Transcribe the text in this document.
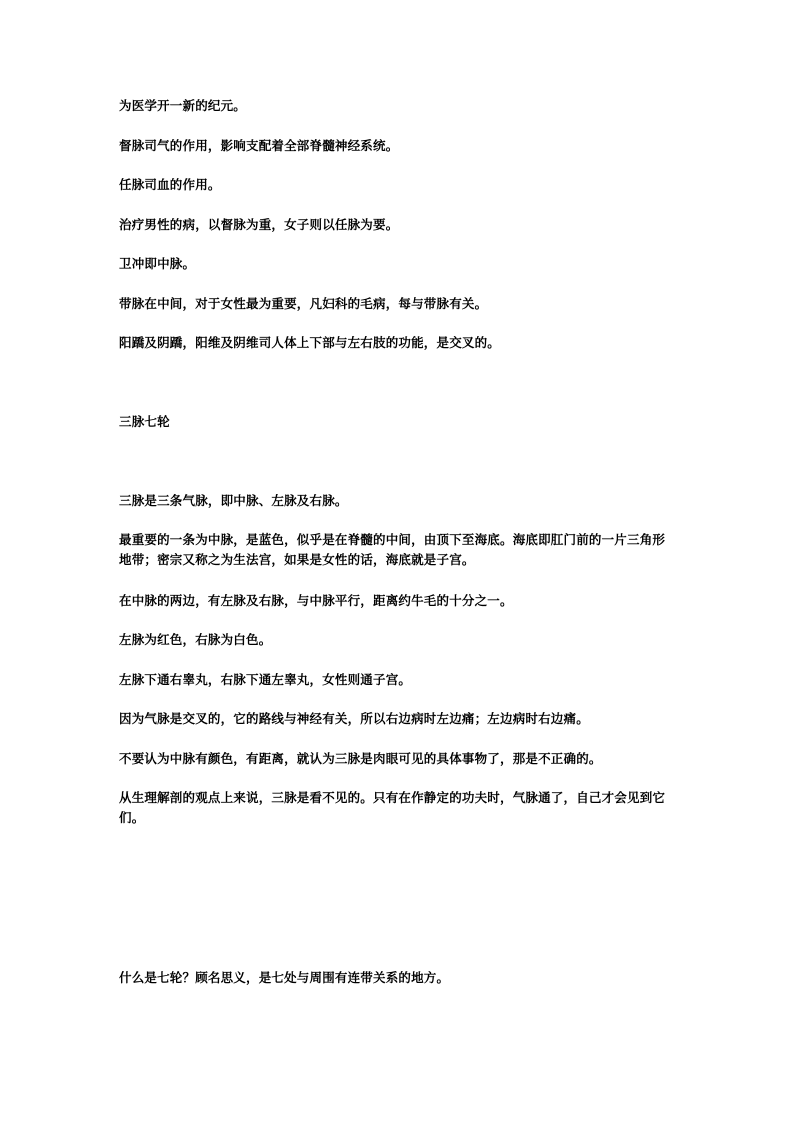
为医学开一新的纪元。

督脉司气的作用，影响支配着全部脊髓神经系统。

任脉司血的作用。

治疗男性的病，以督脉为重，女子则以任脉为要。

卫冲即中脉。

带脉在中间，对于女性最为重要，凡妇科的毛病，每与带脉有关。

阳蹻及阴蹻，阳维及阴维司人体上下部与左右肢的功能，是交叉的。

三脉七轮

三脉是三条气脉，即中脉、左脉及右脉。

最重要的一条为中脉，是蓝色，似乎是在脊髓的中间，由顶下至海底。海底即肛门前的一片三角形地带；密宗又称之为生法宫，如果是女性的话，海底就是子宫。

在中脉的两边，有左脉及右脉，与中脉平行，距离约牛毛的十分之一。

左脉为红色，右脉为白色。

左脉下通右睾丸，右脉下通左睾丸，女性则通子宫。

因为气脉是交叉的，它的路线与神经有关，所以右边病时左边痛；左边病时右边痛。

不要认为中脉有颜色，有距离，就认为三脉是肉眼可见的具体事物了，那是不正确的。

从生理解剖的观点上来说，三脉是看不见的。只有在作静定的功夫时，气脉通了，自己才会见到它们。

什么是七轮？顾名思义，是七处与周围有连带关系的地方。
